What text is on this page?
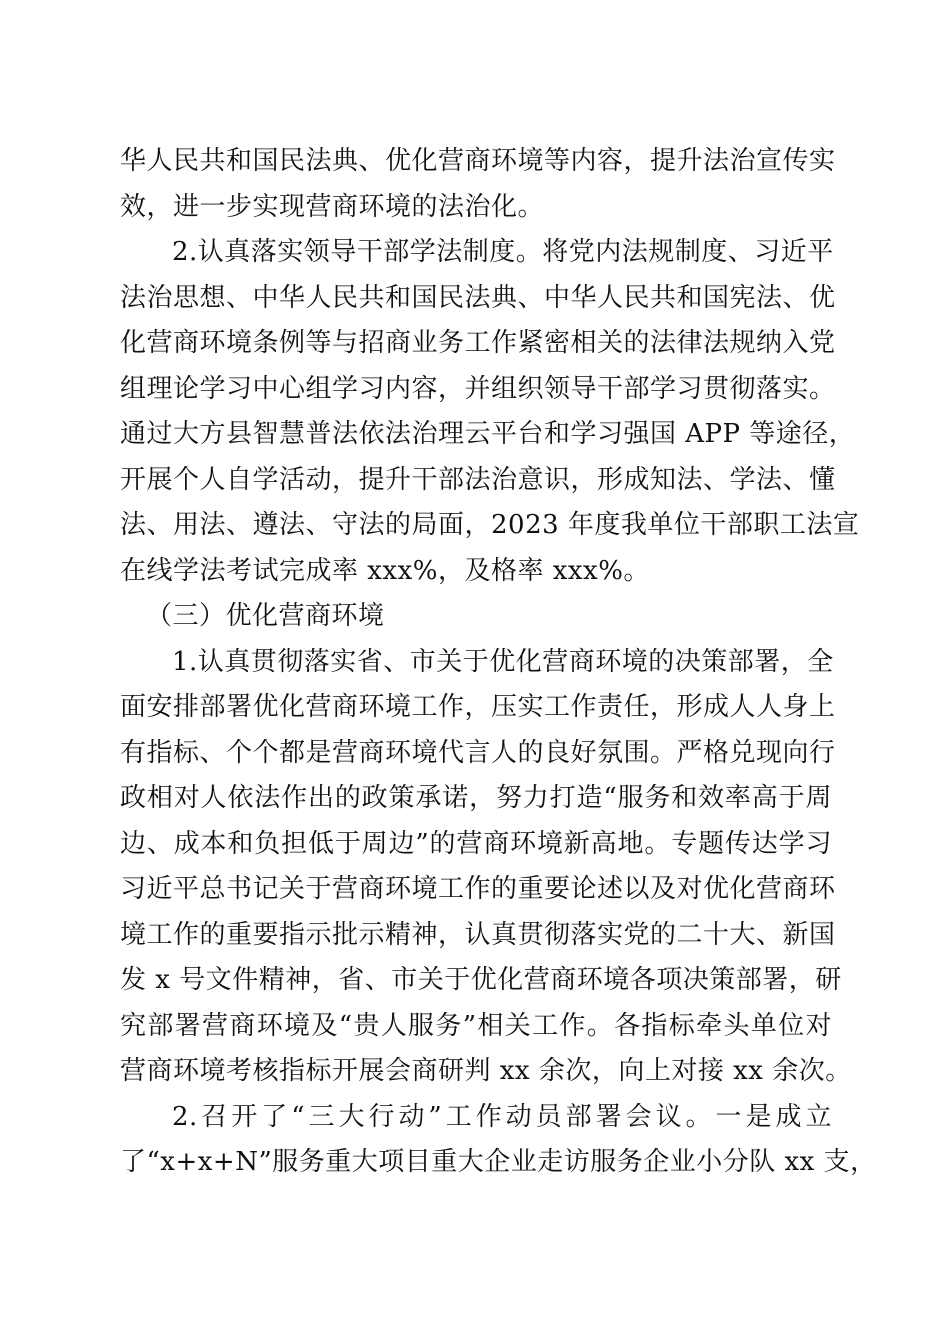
华人民共和国民法典、优化营商环境等内容，提升法治宣传实
效，进一步实现营商环境的法治化。
2.认真落实领导干部学法制度。将党内法规制度、习近平
法治思想、中华人民共和国民法典、中华人民共和国宪法、优
化营商环境条例等与招商业务工作紧密相关的法律法规纳入党
组理论学习中心组学习内容，并组织领导干部学习贯彻落实。
通过大方县智慧普法依法治理云平台和学习强国 APP 等途径，
开展个人自学活动，提升干部法治意识，形成知法、学法、懂
法、用法、遵法、守法的局面，2023 年度我单位干部职工法宣
在线学法考试完成率 xxx%，及格率 xxx%。
（三）优化营商环境
1.认真贯彻落实省、市关于优化营商环境的决策部署，全
面安排部署优化营商环境工作，压实工作责任，形成人人身上
有指标、个个都是营商环境代言人的良好氛围。严格兑现向行
政相对人依法作出的政策承诺，努力打造“服务和效率高于周
边、成本和负担低于周边”的营商环境新高地。专题传达学习
习近平总书记关于营商环境工作的重要论述以及对优化营商环
境工作的重要指示批示精神，认真贯彻落实党的二十大、新国
发 x 号文件精神，省、市关于优化营商环境各项决策部署，研
究部署营商环境及“贵人服务”相关工作。各指标牵头单位对
营商环境考核指标开展会商研判 xx 余次，向上对接 xx 余次。
2.召开了“三大行动”工作动员部署会议。一是成立
了“x+x+N”服务重大项目重大企业走访服务企业小分队 xx 支，
